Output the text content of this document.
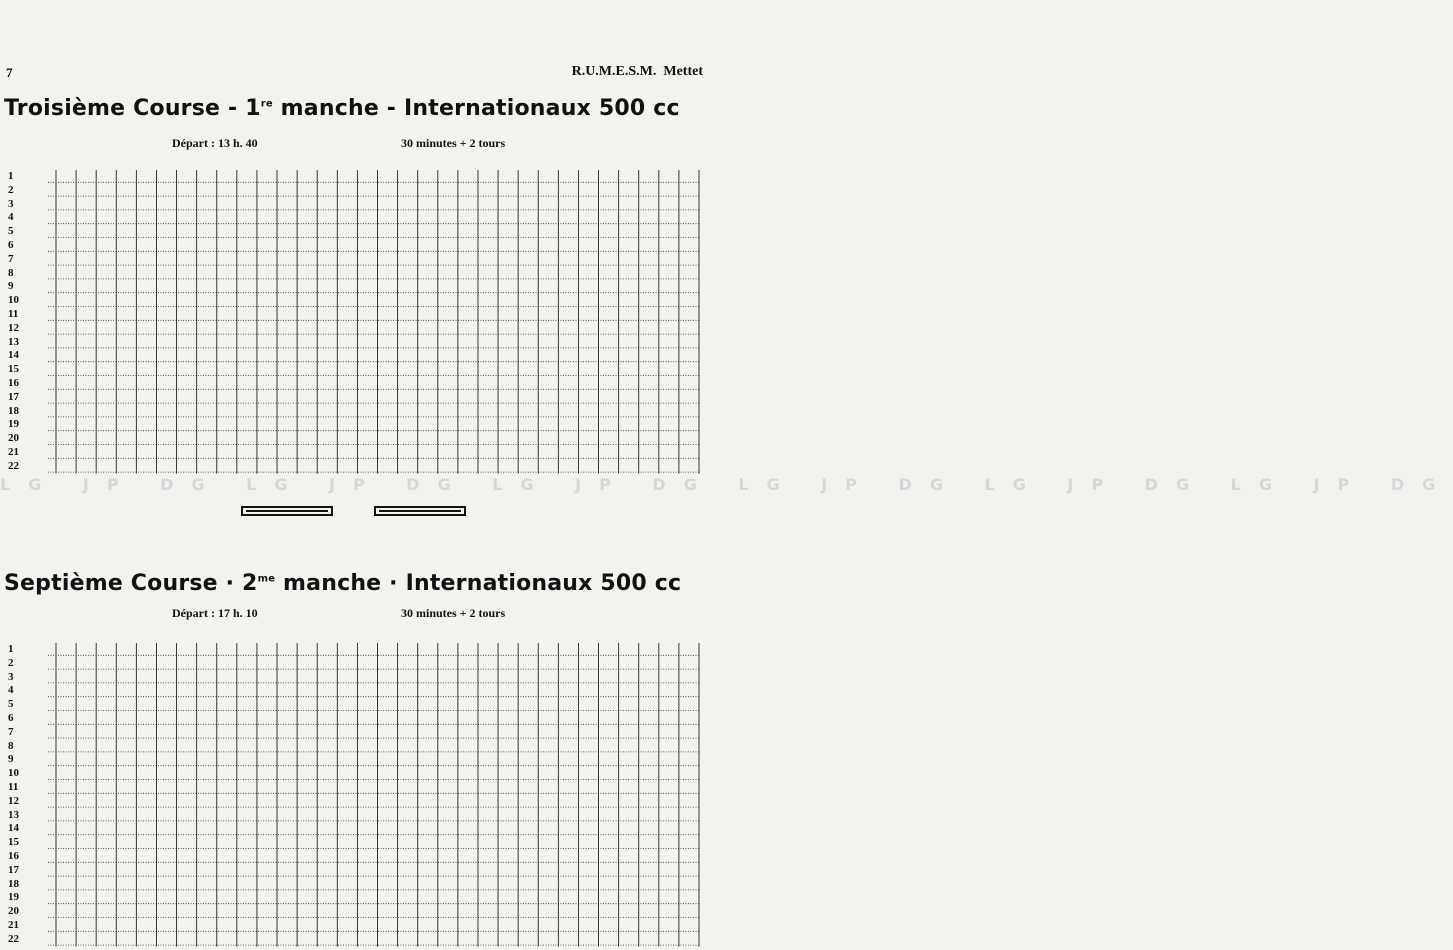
7	R.U.M.E.S.M. Mettet
Troisième Course - 1re manche - Internationaux 500 cc
Départ : 13 h. 40	30 minutes + 2 tours
1
2
3
4
5
6
7
8
9
10
11
12
13
14
15
16
17
18
19
20
21
22
LG JP DG LG JP DG LG JP DG LG JP DG LG JP DG LG JP DG
Septième Course · $2^{me}$ manche · Internationaux 500 cc
Départ : 17 h. 10	30 minutes + 2 tours
1
2
3
4
5
6
7
8
9
10
11
12
13
14
15
16
17
18
19
20
21
22
